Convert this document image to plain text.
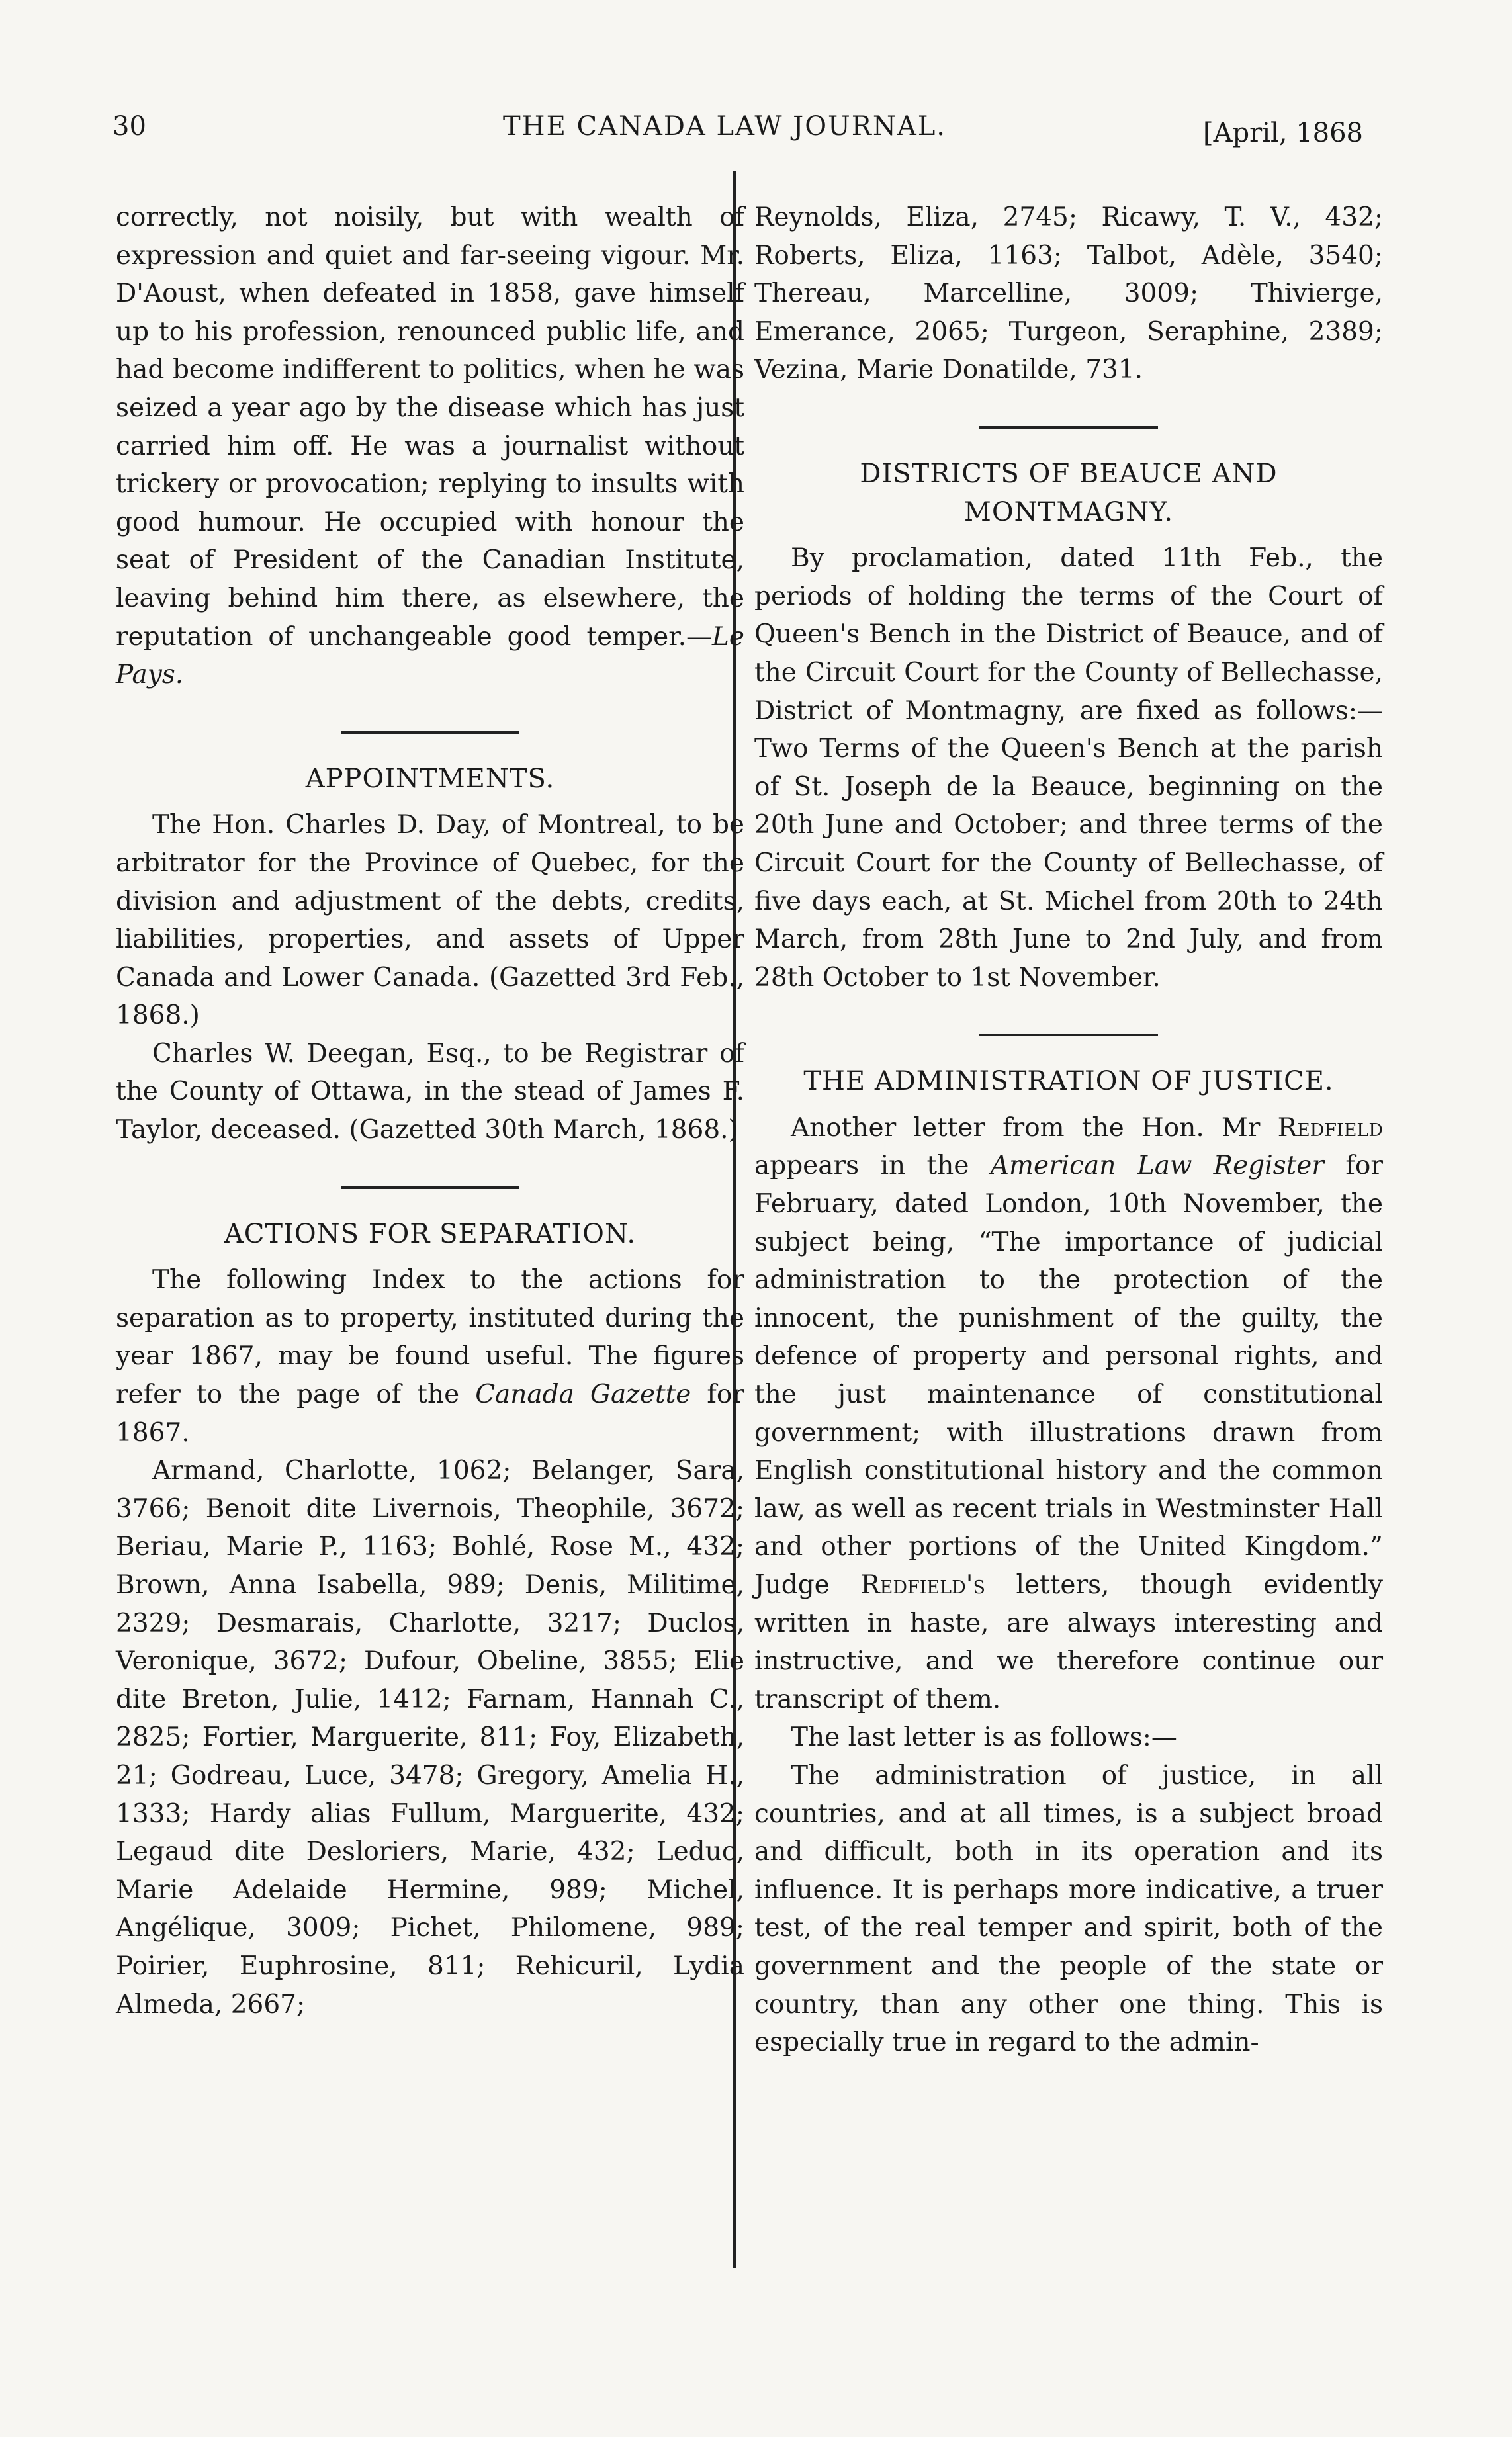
30	THE CANADA LAW JOURNAL.	[April, 1868

correctly, not noisily, but with wealth of expression and quiet and far-seeing vigour. Mr. D'Aoust, when defeated in 1858, gave himself up to his profession, renounced public life, and had become indifferent to politics, when he was seized a year ago by the disease which has just carried him off. He was a journalist without trickery or provocation; replying to insults with good humour. He occupied with honour the seat of President of the Canadian Institute, leaving behind him there, as elsewhere, the reputation of unchangeable good temper.—Le Pays.

APPOINTMENTS.

The Hon. Charles D. Day, of Montreal, to be arbitrator for the Province of Quebec, for the division and adjustment of the debts, credits, liabilities, properties, and assets of Upper Canada and Lower Canada. (Gazetted 3rd Feb., 1868.)

Charles W. Deegan, Esq., to be Registrar of the County of Ottawa, in the stead of James F. Taylor, deceased. (Gazetted 30th March, 1868.)

ACTIONS FOR SEPARATION.

The following Index to the actions for separation as to property, instituted during the year 1867, may be found useful. The figures refer to the page of the Canada Gazette for 1867.

Armand, Charlotte, 1062; Belanger, Sara, 3766; Benoit dite Livernois, Theophile, 3672; Beriau, Marie P., 1163; Bohlé, Rose M., 432; Brown, Anna Isabella, 989; Denis, Militime, 2329; Desmarais, Charlotte, 3217; Duclos, Veronique, 3672; Dufour, Obeline, 3855; Elie dite Breton, Julie, 1412; Farnam, Hannah C., 2825; Fortier, Marguerite, 811; Foy, Elizabeth, 21; Godreau, Luce, 3478; Gregory, Amelia H., 1333; Hardy alias Fullum, Marguerite, 432; Legaud dite Desloriers, Marie, 432; Leduc, Marie Adelaide Hermine, 989; Michel, Angélique, 3009; Pichet, Philomene, 989; Poirier, Euphrosine, 811; Rehicuril, Lydia Almeda, 2667;

Reynolds, Eliza, 2745; Ricawy, T. V., 432; Roberts, Eliza, 1163; Talbot, Adèle, 3540; Thereau, Marcelline, 3009; Thivierge, Emerance, 2065; Turgeon, Seraphine, 2389; Vezina, Marie Donatilde, 731.

DISTRICTS OF BEAUCE AND MONTMAGNY.

By proclamation, dated 11th Feb., the periods of holding the terms of the Court of Queen's Bench in the District of Beauce, and of the Circuit Court for the County of Bellechasse, District of Montmagny, are fixed as follows:—Two Terms of the Queen's Bench at the parish of St. Joseph de la Beauce, beginning on the 20th June and October; and three terms of the Circuit Court for the County of Bellechasse, of five days each, at St. Michel from 20th to 24th March, from 28th June to 2nd July, and from 28th October to 1st November.

THE ADMINISTRATION OF JUSTICE.

Another letter from the Hon. Mr Redfield appears in the American Law Register for February, dated London, 10th November, the subject being, “The importance of judicial administration to the protection of the innocent, the punishment of the guilty, the defence of property and personal rights, and the just maintenance of constitutional government; with illustrations drawn from English constitutional history and the common law, as well as recent trials in Westminster Hall and other portions of the United Kingdom.” Judge Redfield's letters, though evidently written in haste, are always interesting and instructive, and we therefore continue our transcript of them.

The last letter is as follows:—

The administration of justice, in all countries, and at all times, is a subject broad and difficult, both in its operation and its influence. It is perhaps more indicative, a truer test, of the real temper and spirit, both of the government and the people of the state or country, than any other one thing. This is especially true in regard to the admin-
